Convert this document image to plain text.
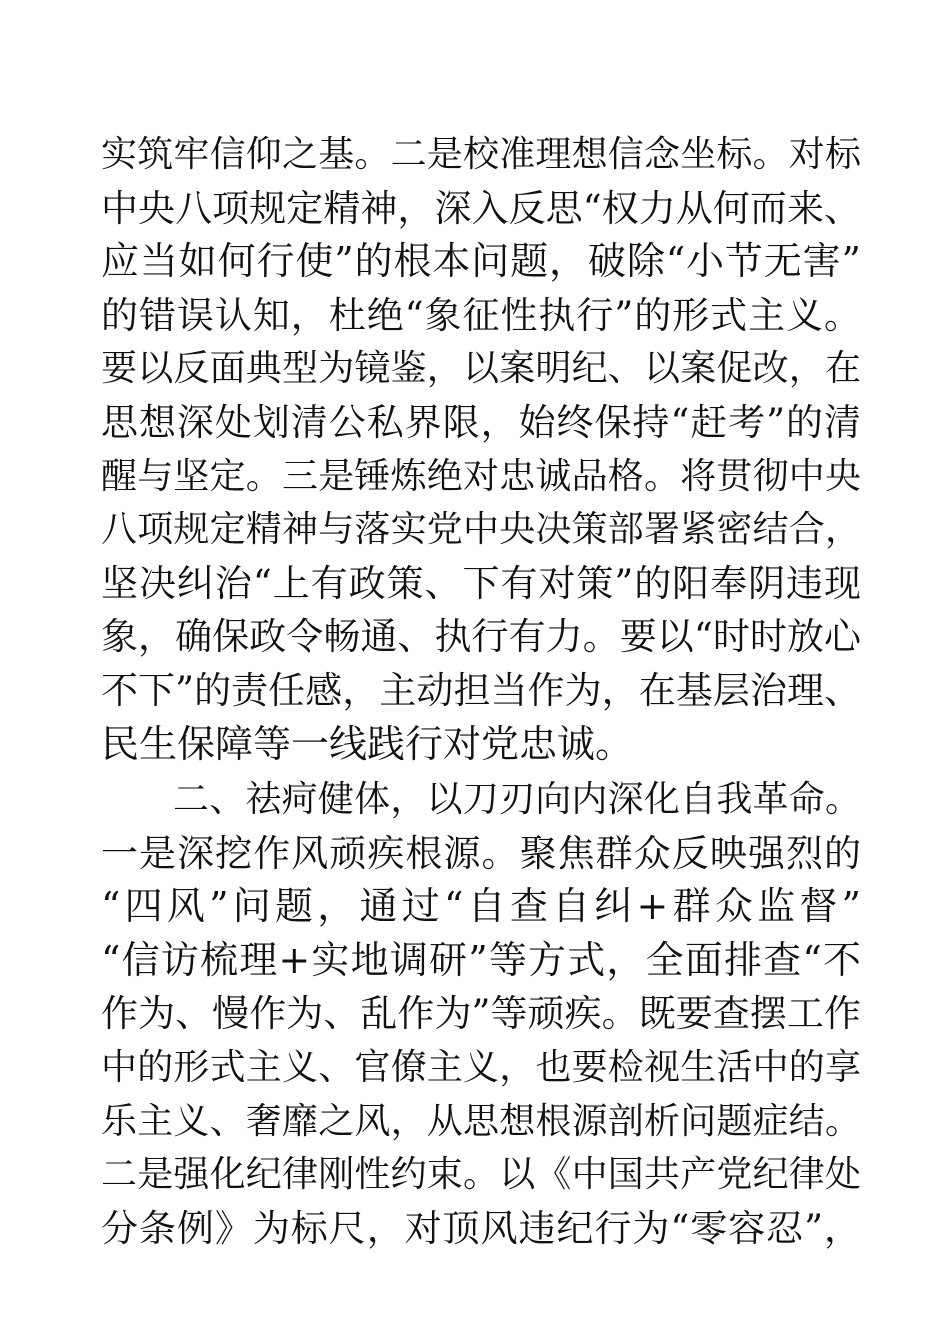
实筑牢信仰之基。二是校准理想信念坐标。对标
中央八项规定精神，深入反思“权力从何而来、
应当如何行使”的根本问题，破除“小节无害”
的错误认知，杜绝“象征性执行”的形式主义。
要以反面典型为镜鉴，以案明纪、以案促改，在
思想深处划清公私界限，始终保持“赶考”的清
醒与坚定。三是锤炼绝对忠诚品格。将贯彻中央
八项规定精神与落实党中央决策部署紧密结合，
坚决纠治“上有政策、下有对策”的阳奉阴违现
象，确保政令畅通、执行有力。要以“时时放心
不下”的责任感，主动担当作为，在基层治理、
民生保障等一线践行对党忠诚。
二、祛疴健体，以刀刃向内深化自我革命。
一是深挖作风顽疾根源。聚焦群众反映强烈的
“四风”问题，通过“自查自纠+群众监督”
“信访梳理+实地调研”等方式，全面排查“不
作为、慢作为、乱作为”等顽疾。既要查摆工作
中的形式主义、官僚主义，也要检视生活中的享
乐主义、奢靡之风，从思想根源剖析问题症结。
二是强化纪律刚性约束。以《中国共产党纪律处
分条例》为标尺，对顶风违纪行为“零容忍”，
